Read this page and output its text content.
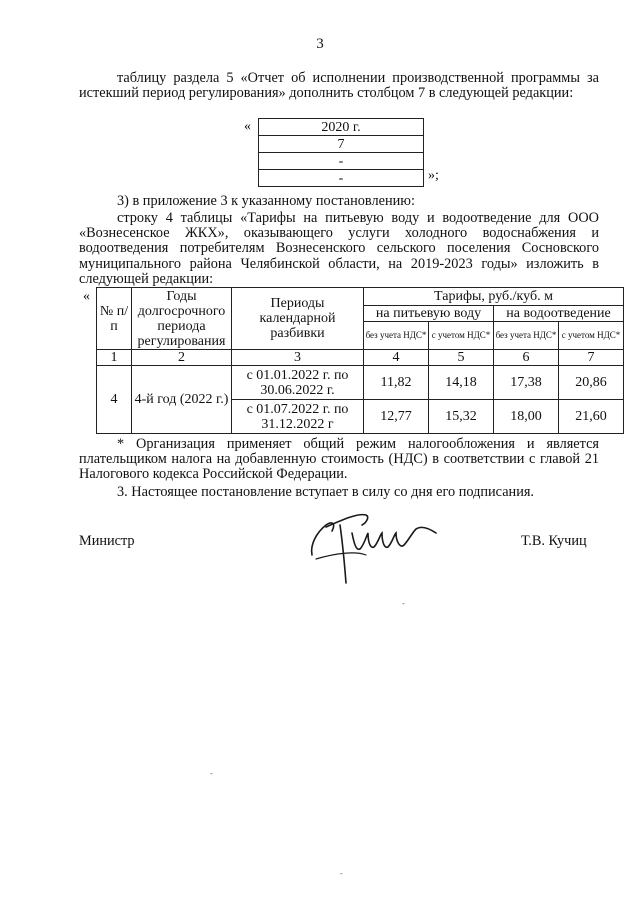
3
таблицу раздела 5 «Отчет об исполнении производственной программы за истекший период регулирования» дополнить столбцом 7 в следующей редакции:
«	2020 г.
7
-
-	»;
3) в приложение 3 к указанному постановлению:
строку 4 таблицы «Тарифы на питьевую воду и водоотведение для ООО «Вознесенское ЖКХ», оказывающего услуги холодного водоснабжения и водоотведения потребителям Вознесенского сельского поселения Сосновского муниципального района Челябинской области, на 2019-2023 годы» изложить в следующей редакции:
«
№ п/п	Годы долгосрочного периода регулирования	Периоды календарной разбивки	Тарифы, руб./куб. м			
			на питьевую воду		на водоотведение	
			без учета НДС*	с учетом НДС*	без учета НДС*	с учетом НДС*
1	2	3	4	5	6	7
4	4-й год (2022 г.)	с 01.01.2022 г. по 30.06.2022 г.	11,82	14,18	17,38	20,86
		с 01.07.2022 г. по 31.12.2022 г	12,77	15,32	18,00	21,60
* Организация применяет общий режим налогообложения и является плательщиком налога на добавленную стоимость (НДС) в соответствии с главой 21 Налогового кодекса Российской Федерации.
3. Настоящее постановление вступает в силу со дня его подписания.
Министр	Т.В. Кучиц
-
-
-
